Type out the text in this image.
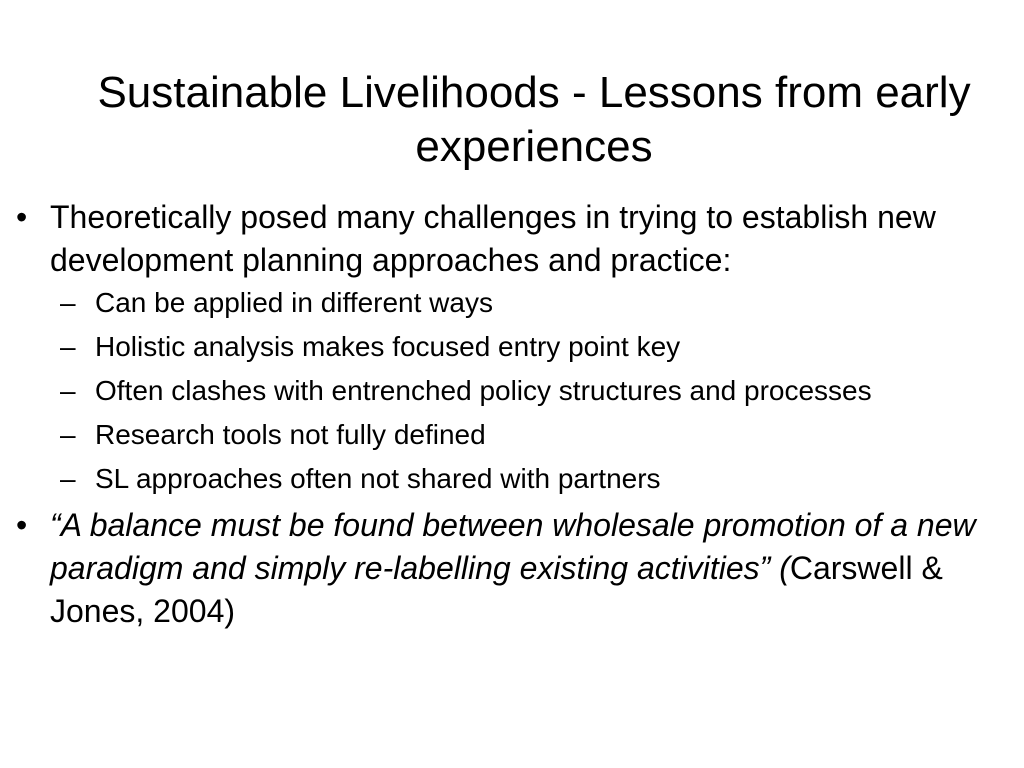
Sustainable Livelihoods - Lessons from early experiences

• Theoretically posed many challenges in trying to establish new development planning approaches and practice:

– Can be applied in different ways
– Holistic analysis makes focused entry point key
– Often clashes with entrenched policy structures and processes
– Research tools not fully defined
– SL approaches often not shared with partners

• “A balance must be found between wholesale promotion of a new paradigm and simply re-labelling existing activities” (Carswell & Jones, 2004)
